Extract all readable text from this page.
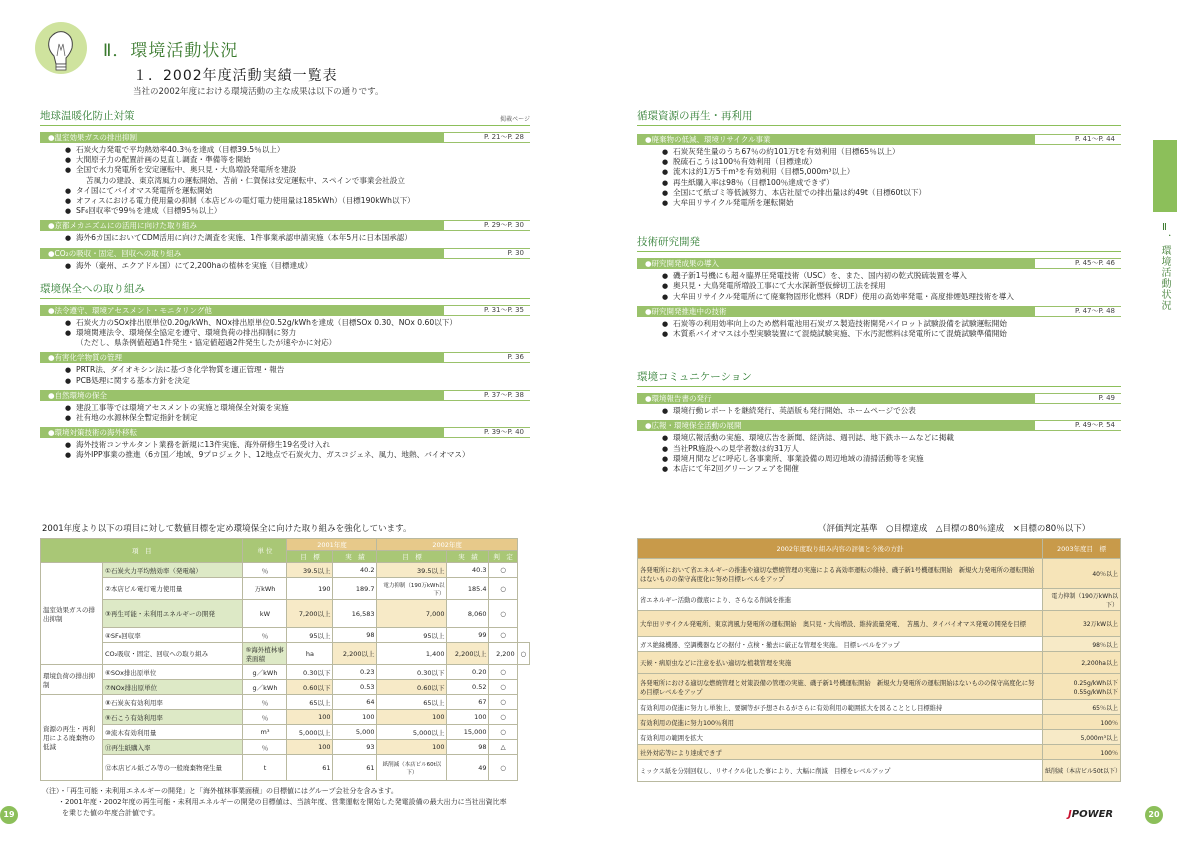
Ⅱ．環境活動状況
１．2002年度活動実績一覧表
当社の2002年度における環境活動の主な成果は以下の通りです。
地球温暖化防止対策	掲載ページ
●温室効果ガスの排出抑制	P. 21〜P. 28
● 石炭火力発電で平均熱効率40.3％を達成（目標39.5％以上）
● 大間原子力の配置計画の見直し調査・準備等を開始
● 全国で水力発電所を安定運転中、奥只見・大鳥増設発電所を建設
　 苫風力の建設、東京湾風力の運転開始、苫前・仁賀保は安定運転中、スペインで事業会社設立
● タイ国にてバイオマス発電所を運転開始
● オフィスにおける電力使用量の抑制（本店ビルの電灯電力使用量は185kWh）（目標190kWh以下）
● SF₆回収率で99％を達成（目標95％以上）
●京都メカニズムにの活用に向けた取り組み	P. 29〜P. 30
● 海外6カ国においてCDM活用に向けた調査を実施、1件事業承認申請実施（本年5月に日本国承認）
●CO₂の吸収・固定、回収への取り組み	P. 30
● 海外（豪州、エクアドル国）にて2,200haの植林を実施（目標達成）
環境保全への取り組み
●法令遵守、環境アセスメント・モニタリング他	P. 31〜P. 35
● 石炭火力のSOx排出原単位0.20g/kWh、NOx排出原単位0.52g/kWhを達成（目標SOx 0.30、NOx 0.60以下）
● 環境関連法令、環境保全協定を遵守、環境負荷の排出抑制に努力
（ただし、県条例値超過1件発生・協定値超過2件発生したが速やかに対応）
●有害化学物質の管理	P. 36
● PRTR法、ダイオキシン法に基づき化学物質を適正管理・報告
● PCB処理に関する基本方針を決定
●自然環境の保全	P. 37〜P. 38
● 建設工事等では環境アセスメントの実施と環境保全対策を実施
● 社有地の水源林保全暫定指針を制定
●環境対策技術の海外移転	P. 39〜P. 40
● 海外技術コンサルタント業務を新規に13件実施、海外研修生19名受け入れ
● 海外IPP事業の推進（6カ国／地域、9プロジェクト、12地点で石炭火力、ガスコジェネ、風力、地熱、バイオマス）
循環資源の再生・再利用
●廃棄物の低減、環境リサイクル事業	P. 41〜P. 44
● 石炭灰発生量のうち67％の約101万tを有効利用（目標65％以上）
● 脱硫石こうは100％有効利用（目標達成）
● 流木は約1万5千m³を有効利用（目標5,000m³以上）
● 再生紙購入率は98％（目標100％達成できず）
● 全国にて紙ゴミ等低減努力、本店社屋での排出量は約49t（目標60t以下）
● 大牟田リサイクル発電所を運転開始
技術研究開発
●研究開発成果の導入	P. 45〜P. 46
● 磯子新1号機にも超々臨界圧発電技術（USC）を、また、国内初の乾式脱硫装置を導入
● 奥只見・大鳥発電所増設工事にて大水深新型仮締切工法を採用
● 大牟田リサイクル発電所にて廃棄物固形化燃料（RDF）使用の高効率発電・高度排煙処理技術を導入
●研究開発推進中の技術	P. 47〜P. 48
● 石炭等の利用効率向上のため燃料電池用石炭ガス製造技術開発パイロット試験設備を試験運転開始
● 木質系バイオマスは小型実験装置にて混焼試験実施、下水汚泥燃料は発電所にて混焼試験準備開始
環境コミュニケーション
●環境報告書の発行	P. 49
● 環境行動レポートを継続発行、英語版も発行開始、ホームページで公表
●広報・環境保全活動の展開	P. 49〜P. 54
● 環境広報活動の実施、環境広告を新聞、経済誌、週刊誌、地下鉄ホームなどに掲載
● 当社PR施設への見学者数は約31万人
● 環境月間などに呼応し各事業所、事業設備の周辺地域の清掃活動等を実施
● 本店にて年2回グリーンフェアを開催
Ⅱ．環境活動状況
2001年度より以下の項目に対して数値目標を定め環境保全に向けた取り組みを強化しています。
項　目		単 位	2001年度		2002年度			
			目　標	実　績	目　標	実　績	判　定	
温室効果ガスの排出抑制	①石炭火力平均熱効率（発電端）	％	39.5以上	40.2	39.5以上	40.3	○	
	②本店ビル電灯電力使用量	万kWh	190	189.7	電力抑制（190万kWh以下）	185.4	○	
	③再生可能・未利用エネルギーの開発	kW	7,200以上	16,583	7,000	8,060	○	
	④SF₆回収率	％	95以上	98	95以上	99	○	
	CO₂吸収・固定、回収への取り組み	⑤海外植林事業面積	ha	2,200以上	1,400	2,200以上	2,200	○
環境負荷の排出抑制	⑥SOx排出原単位	g／kWh	0.30以下	0.23	0.30以下	0.20	○	
	⑦NOx排出原単位	g／kWh	0.60以下	0.53	0.60以下	0.52	○	
資源の再生・再利用による廃棄物の低減	⑧石炭灰有効利用率	％	65以上	64	65以上	67	○	
	⑨石こう有効利用率	％	100	100	100	100	○	
	⑩流木有効利用量	m³	5,000以上	5,000	5,000以上	15,000	○	
	⑪再生紙購入率	％	100	93	100	98	△	
	⑫本店ビル紙ごみ等の一般廃棄物発生量	t	61	61	紙削減（本店ビル60t以下）	49	○	
（評価判定基準　○目標達成　△目標の80％達成　×目標の80％以下）
2002年度取り組み内容の評価と今後の方針	2003年度目　標
各発電所において省エネルギーの推進や適切な燃焼管理の実施による高効率運転の維持、磯子新1号機運転開始　新規火力発電所の運転開始はないものの保守高度化に努め目標レベルをアップ	40％以上
省エネルギー活動の徹底により、さらなる削減を推進	電力抑制（190万kWh以下）
大牟田リサイクル発電所、東京湾風力発電所の運転開始　奥只見・大鳥増設、維持流量発電、　苫風力、タイバイオマス発電の開発を目標	32万kW以上
ガス絶縁機器、空調機器などの据付・点検・撤去に厳正な管理を実施。 目標レベルをアップ	98％以上
天候・病原虫などに注意を払い適切な植栽管理を実施	2,200ha以上
各発電所における適切な燃焼管理と対策設備の管理の実施、磯子新1号機運転開始　新規火力発電所の運転開始はないものの保守高度化に努め目標レベルをアップ	0.25g/kWh以下 0.55g/kWh以下
有効利用の促進に努力し単独上、要綱等が予想されるがさらに有効利用の範囲拡大を図ることとし目標維持	65％以上
有効利用の促進に努力100％利用	100％
有効利用の範囲を拡大	5,000m³以上
社外対応等により達成できず	100％
ミックス紙を分別回収し、リサイクル化した事により、大幅に削減　目標をレベルアップ	紙削減（本店ビル50t以下）
（注）・「再生可能・未利用エネルギーの開発」と「海外植林事業面積」の目標値にはグループ会社分を含みます。
・2001年度・2002年度の再生可能・未利用エネルギーの開発の目標値は、当該年度、営業運転を開始した発電設備の最大出力に当社出資比率
を乗じた値の年度合計値です。
19	20
JPOWER
